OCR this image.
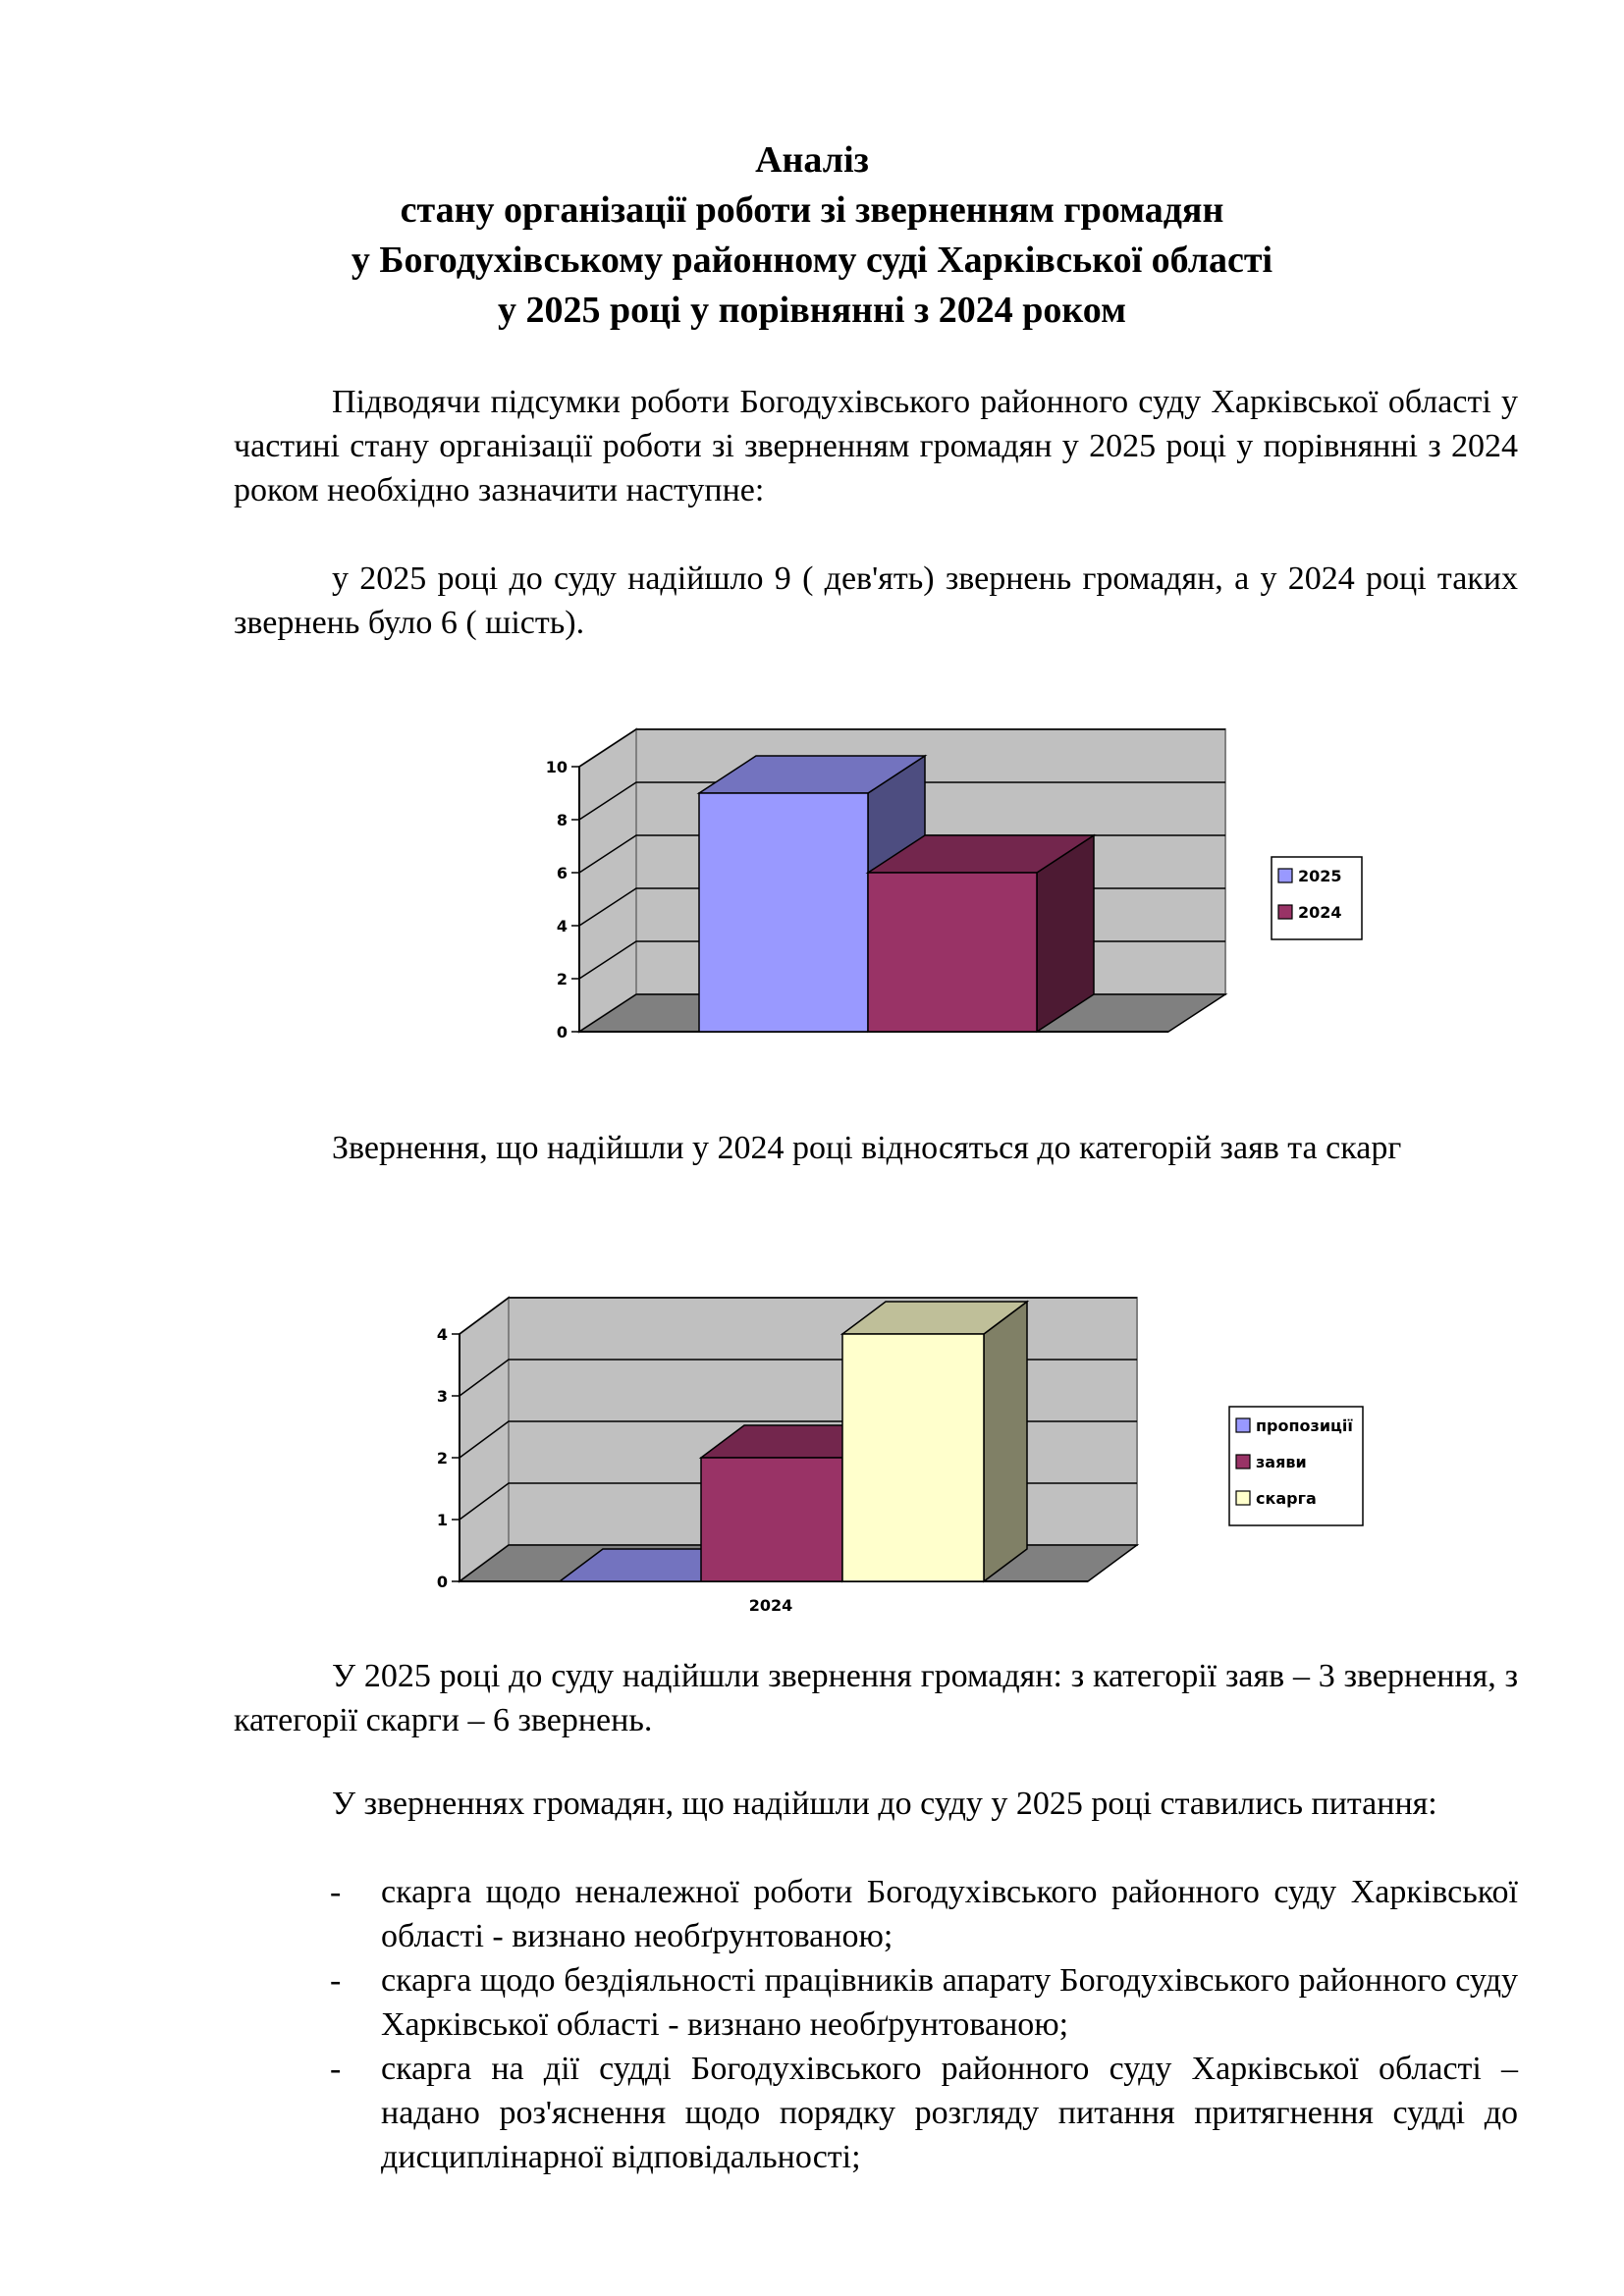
Аналіз
стану організації роботи зі зверненням громадян
у Богодухівському районному суді Харківської області
у 2025 році у порівнянні з 2024 роком
Підводячи підсумки роботи Богодухівського районного суду Харківської області у частині стану організації роботи зі зверненням громадян у 2025 році у порівнянні з 2024 роком необхідно зазначити наступне:
у 2025 році до суду надійшло 9 ( дев'ять) звернень громадян, а у 2024 році таких звернень було 6 ( шість).
0
2
4
6
8
10
2025
2024
Звернення, що надійшли у 2024 році відносяться до категорій заяв та скарг
0
1
2
3
4
2024
пропозиції
заяви
скарга
У 2025 році до суду надійшли звернення громадян: з категорії заяв – 3 звернення, з категорії скарги – 6 звернень.
У зверненнях громадян, що надійшли до суду у 2025 році ставились питання:
- скарга щодо неналежної роботи Богодухівського районного суду Харківської області - визнано необґрунтованою;
- скарга щодо бездіяльності працівників апарату Богодухівського районного суду Харківської області - визнано необґрунтованою;
- скарга на дії судді Богодухівського районного суду Харківської області – надано роз'яснення щодо порядку розгляду питання притягнення судді до дисциплінарної відповідальності;
